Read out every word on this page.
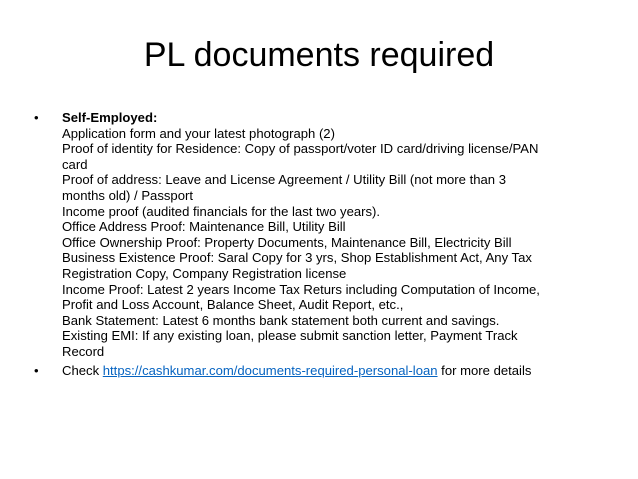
PL documents required
•	Self-Employed:
Application form and your latest photograph (2)
Proof of identity for Residence: Copy of passport/voter ID card/driving license/PAN
card
Proof of address: Leave and License Agreement / Utility Bill (not more than 3
months old) / Passport
Income proof (audited financials for the last two years).
Office Address Proof: Maintenance Bill, Utility Bill
Office Ownership Proof: Property Documents, Maintenance Bill, Electricity Bill
Business Existence Proof: Saral Copy for 3 yrs, Shop Establishment Act, Any Tax
Registration Copy, Company Registration license
Income Proof: Latest 2 years Income Tax Returs including Computation of Income,
Profit and Loss Account, Balance Sheet, Audit Report, etc.,
Bank Statement: Latest 6 months bank statement both current and savings.
Existing EMI: If any existing loan, please submit sanction letter, Payment Track
Record
•	Check https://cashkumar.com/documents-required-personal-loan for more details
